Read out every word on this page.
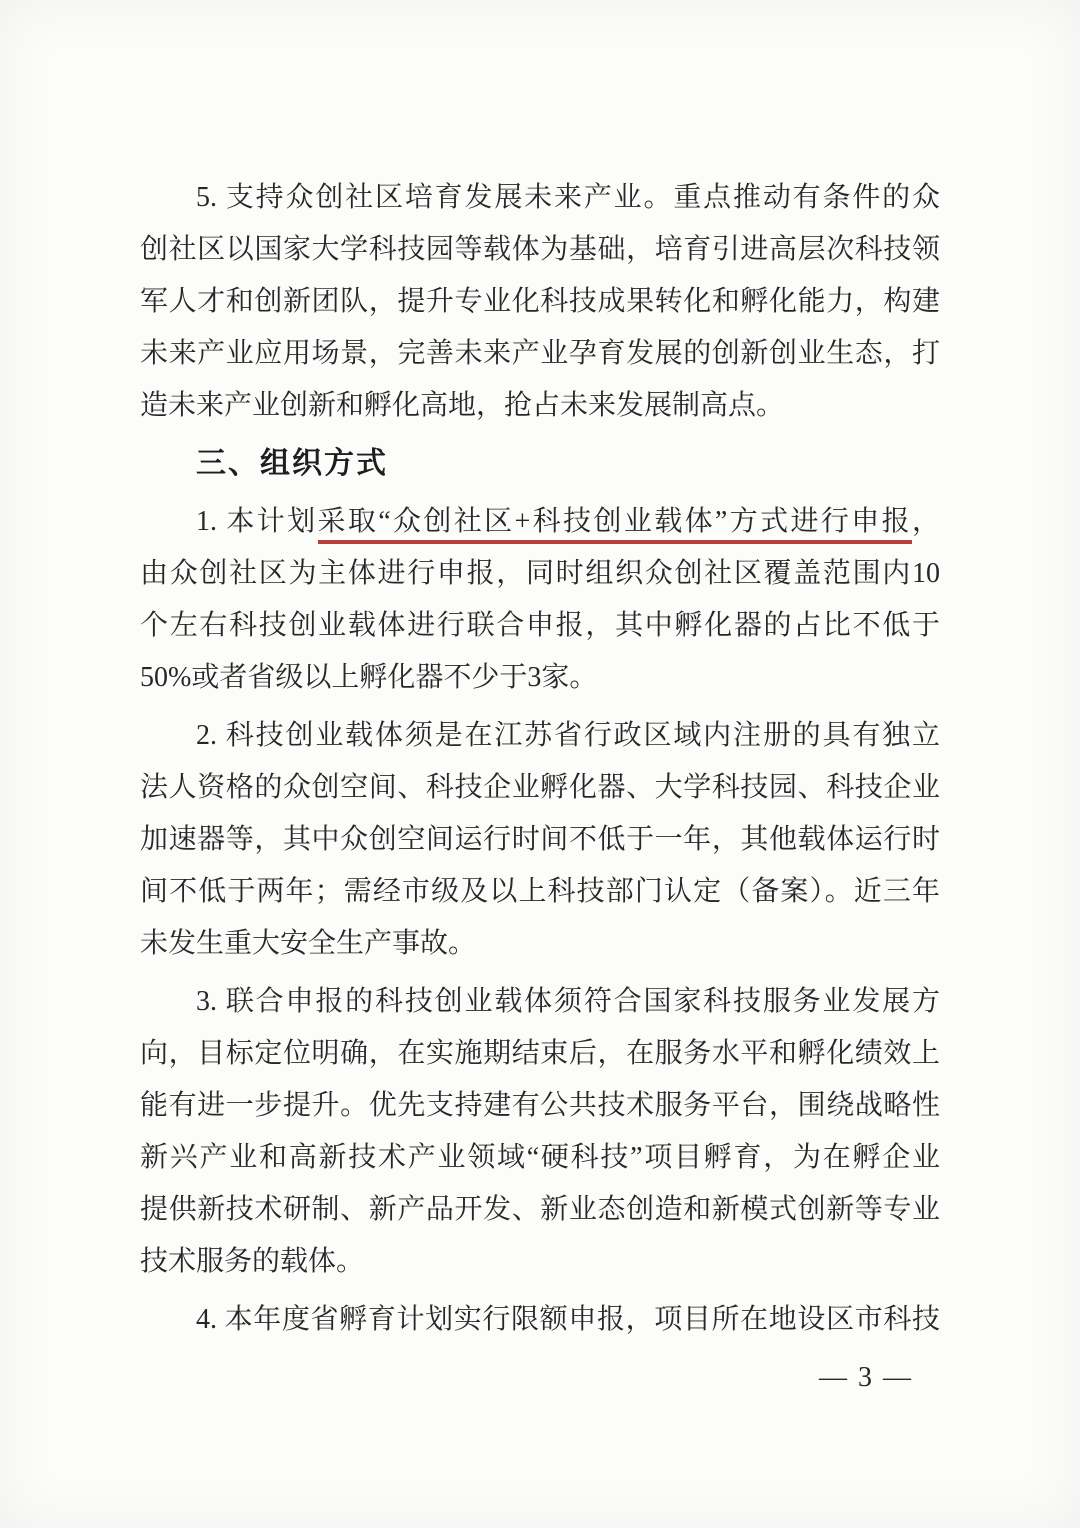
5. 支持众创社区培育发展未来产业。重点推动有条件的众
创社区以国家大学科技园等载体为基础，培育引进高层次科技领
军人才和创新团队，提升专业化科技成果转化和孵化能力，构建
未来产业应用场景，完善未来产业孕育发展的创新创业生态，打
造未来产业创新和孵化高地，抢占未来发展制高点。
三、组织方式
1. 本计划采取“众创社区+科技创业载体”方式进行申报，
由众创社区为主体进行申报，同时组织众创社区覆盖范围内10
个左右科技创业载体进行联合申报，其中孵化器的占比不低于
50%或者省级以上孵化器不少于3家。
2. 科技创业载体须是在江苏省行政区域内注册的具有独立
法人资格的众创空间、科技企业孵化器、大学科技园、科技企业
加速器等，其中众创空间运行时间不低于一年，其他载体运行时
间不低于两年；需经市级及以上科技部门认定（备案）。近三年
未发生重大安全生产事故。
3. 联合申报的科技创业载体须符合国家科技服务业发展方
向，目标定位明确，在实施期结束后，在服务水平和孵化绩效上
能有进一步提升。优先支持建有公共技术服务平台，围绕战略性
新兴产业和高新技术产业领域“硬科技”项目孵育，为在孵企业
提供新技术研制、新产品开发、新业态创造和新模式创新等专业
技术服务的载体。
4. 本年度省孵育计划实行限额申报，项目所在地设区市科技
— 3 —
